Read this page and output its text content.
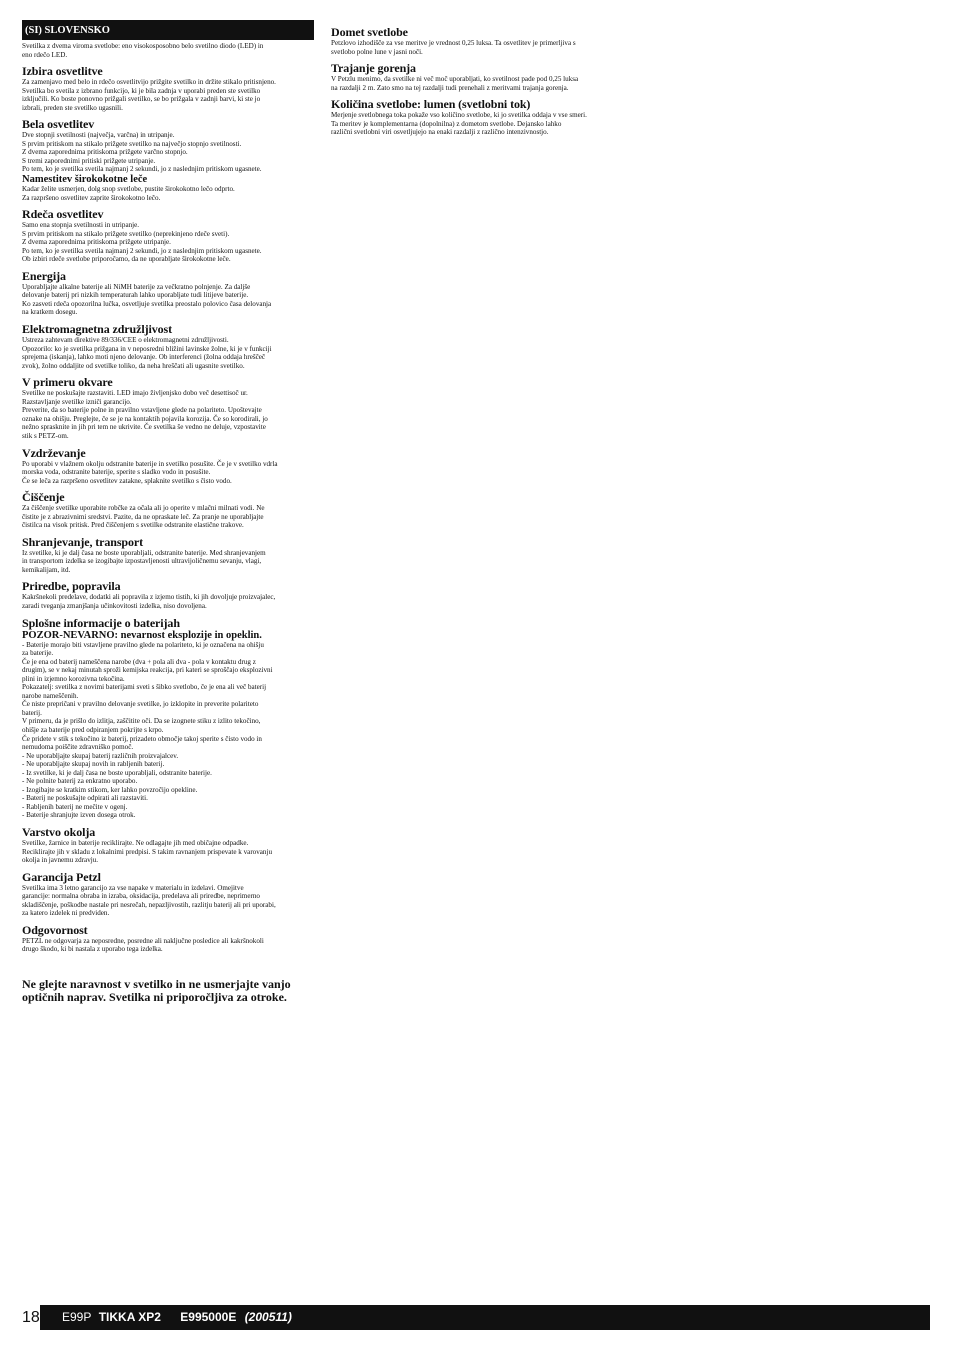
(SI) SLOVENSKO

Svetilka z dvema viroma svetlobe: eno visokosposobno belo svetilno diodo (LED) in
eno rdečo LED.

Izbira osvetlitve

Za zamenjavo med belo in rdečo osvetlitvijo prižgite svetilko in držite stikalo pritisnjeno.
Svetilka bo svetila z izbrano funkcijo, ki je bila zadnja v uporabi preden ste svetilko
izključili. Ko boste ponovno prižgali svetilko, se bo prižgala v zadnji barvi, ki ste jo
izbrali, preden ste svetilko ugasnili.

Bela osvetlitev

Dve stopnji svetilnosti (največja, varčna) in utripanje.
S prvim pritiskom na stikalo prižgete svetilko na največjo stopnjo svetilnosti.
Z dvema zaporednima pritiskoma prižgete varčno stopnjo.
S tremi zaporednimi pritiski prižgete utripanje.
Po tem, ko je svetilka svetila najmanj 2 sekundi, jo z naslednjim pritiskom ugasnete.

Namestitev širokokotne leče

Kadar želite usmerjen, dolg snop svetlobe, pustite širokokotno lečo odprto.
Za razpršeno osvetlitev zaprite širokokotno lečo.

Rdeča osvetlitev

Samo ena stopnja svetilnosti in utripanje.
S prvim pritiskom na stikalo prižgete svetilko (neprekinjeno rdeče sveti).
Z dvema zaporednima pritiskoma prižgete utripanje.
Po tem, ko je svetilka svetila najmanj 2 sekundi, jo z naslednjim pritiskom ugasnete.
Ob izbiri rdeče svetlobe priporočamo, da ne uporabljate širokokotne leče.

Energija

Uporabljajte alkalne baterije ali NiMH baterije za večkratno polnjenje. Za daljše
delovanje baterij pri nizkih temperaturah lahko uporabljate tudi litijeve baterije.
Ko zasveti rdeča opozorilna lučka, osvetljuje svetilka preostalo polovico časa delovanja
na kratkem dosegu.

Elektromagnetna združljivost

Ustreza zahtevam direktive 89/336/CEE o elektromagnetni združljivosti.
Opozorilo: ko je svetilka prižgana in v neposredni bližini lavinske žolne, ki je v funkciji
sprejema (iskanja), lahko moti njeno delovanje. Ob interferenci (žolna oddaja hreščeč
zvok), žolno oddaljite od svetilke toliko, da neha hreščati ali ugasnite svetilko.

V primeru okvare

Svetilke ne poskušajte razstaviti. LED imajo življenjsko dobo več desettisoč ur.
Razstavljanje svetilke izniči garancijo.
Preverite, da so baterije polne in pravilno vstavljene glede na polariteto. Upoštevajte
oznake na ohišju. Preglejte, če se je na kontaktih pojavila korozija. Če so korodirali, jo
nežno sprasknite in jih pri tem ne ukrivite. Če svetilka še vedno ne deluje, vzpostavite
stik s PETZ-om.

Vzdrževanje

Po uporabi v vlažnem okolju odstranite baterije in svetilko posušite. Če je v svetilko vdrla
morska voda, odstranite baterije, sperite s sladko vodo in posušite.
Če se leča za razpršeno osvetlitev zatakne, splaknite svetilko s čisto vodo.

Čiščenje

Za čiščenje svetilke uporabite robčke za očala ali jo operite v mlačni milnati vodi. Ne
čistite je z abrazivnimi sredstvi. Pazite, da ne opraskate leč. Za pranje ne uporabljajte
čistilca na visok pritisk. Pred čiščenjem s svetilke odstranite elastične trakove.

Shranjevanje, transport

Iz svetilke, ki je dalj časa ne boste uporabljali, odstranite baterije. Med shranjevanjem
in transportom izdelka se izogibajte izpostavljenosti ultravijoličnemu sevanju, vlagi,
kemikalijam, itd.

Priredbe, popravila

Kakršnekoli predelave, dodatki ali popravila z izjemo tistih, ki jih dovoljuje proizvajalec,
zaradi tveganja zmanjšanja učinkovitosti izdelka, niso dovoljena.

Splošne informacije o baterijah
POZOR-NEVARNO: nevarnost eksplozije in opeklin.

- Baterije morajo biti vstavljene pravilno glede na polariteto, ki je označena na ohišju
za baterije.
Če je ena od baterij nameščena narobe (dva + pola ali dva - pola v kontaktu drug z
drugim), se v nekaj minutah sproži kemijska reakcija, pri kateri se sproščajo eksplozivni
plini in izjemno korozivna tekočina.
Pokazatelj: svetilka z novimi baterijami sveti s šibko svetlobo, če je ena ali več baterij
narobe nameščenih.
Če niste prepričani v pravilno delovanje svetilke, jo izklopite in preverite polariteto
baterij.
V primeru, da je prišlo do izlitja, zaščitite oči. Da se izognete stiku z izlito tekočino,
ohišje za baterije pred odpiranjem pokrijte s krpo.
Če pridete v stik s tekočino iz baterij, prizadeto območje takoj sperite s čisto vodo in
nemudoma poiščite zdravniško pomoč.
- Ne uporabljajte skupaj baterij različnih proizvajalcev.
- Ne uporabljajte skupaj novih in rabljenih baterij.
- Iz svetilke, ki je dalj časa ne boste uporabljali, odstranite baterije.
- Ne polnite baterij za enkratno uporabo.
- Izogibajte se kratkim stikom, ker lahko povzročijo opekline.
- Baterij ne poskušajte odpirati ali razstaviti.
- Rabljenih baterij ne mečite v ogenj.
- Baterije shranjujte izven dosega otrok.

Varstvo okolja

Svetilke, žarnice in baterije reciklirajte. Ne odlagajte jih med običajne odpadke.
Reciklirajte jih v skladu z lokalnimi predpisi. S takim ravnanjem prispevate k varovanju
okolja in javnemu zdravju.

Garancija Petzl

Svetilka ima 3 letno garancijo za vse napake v materialu in izdelavi. Omejitve
garancije: normalna obraba in izraba, oksidacija, predelava ali priredbe, neprimerno
skladiščenje, poškodbe nastale pri nesrečah, nepazljivostih, razlitju baterij ali pri uporabi,
za katero izdelek ni predviden.

Odgovornost

PETZL ne odgovarja za neposredne, posredne ali naključne posledice ali kakršnokoli
drugo škodo, ki bi nastala z uporabo tega izdelka.

Ne glejte naravnost v svetilko in ne usmerjajte vanjo
optičnih naprav. Svetilka ni priporočljiva za otroke.
Domet svetlobe

Petzlovo izhodišče za vse meritve je vrednost 0,25 luksa. Ta osvetlitev je primerljiva s
svetlobo polne lune v jasni noči.

Trajanje gorenja

V Petzlu menimo, da svetilke ni več moč uporabljati, ko svetilnost pade pod 0,25 luksa
na razdalji 2 m. Zato smo na tej razdalji tudi prenehali z meritvami trajanja gorenja.

Količina svetlobe: lumen (svetlobni tok)

Merjenje svetlobnega toka pokaže vso količino svetlobe, ki jo svetilka oddaja v vse smeri.
Ta meritev je komplementarna (dopolnilna) z dometom svetlobe. Dejansko lahko
različni svetlobni viri osvetljujejo na enaki razdalji z različno intenzivnostjo.

18	E99P TIKKA XP2 E995000E (200511)
